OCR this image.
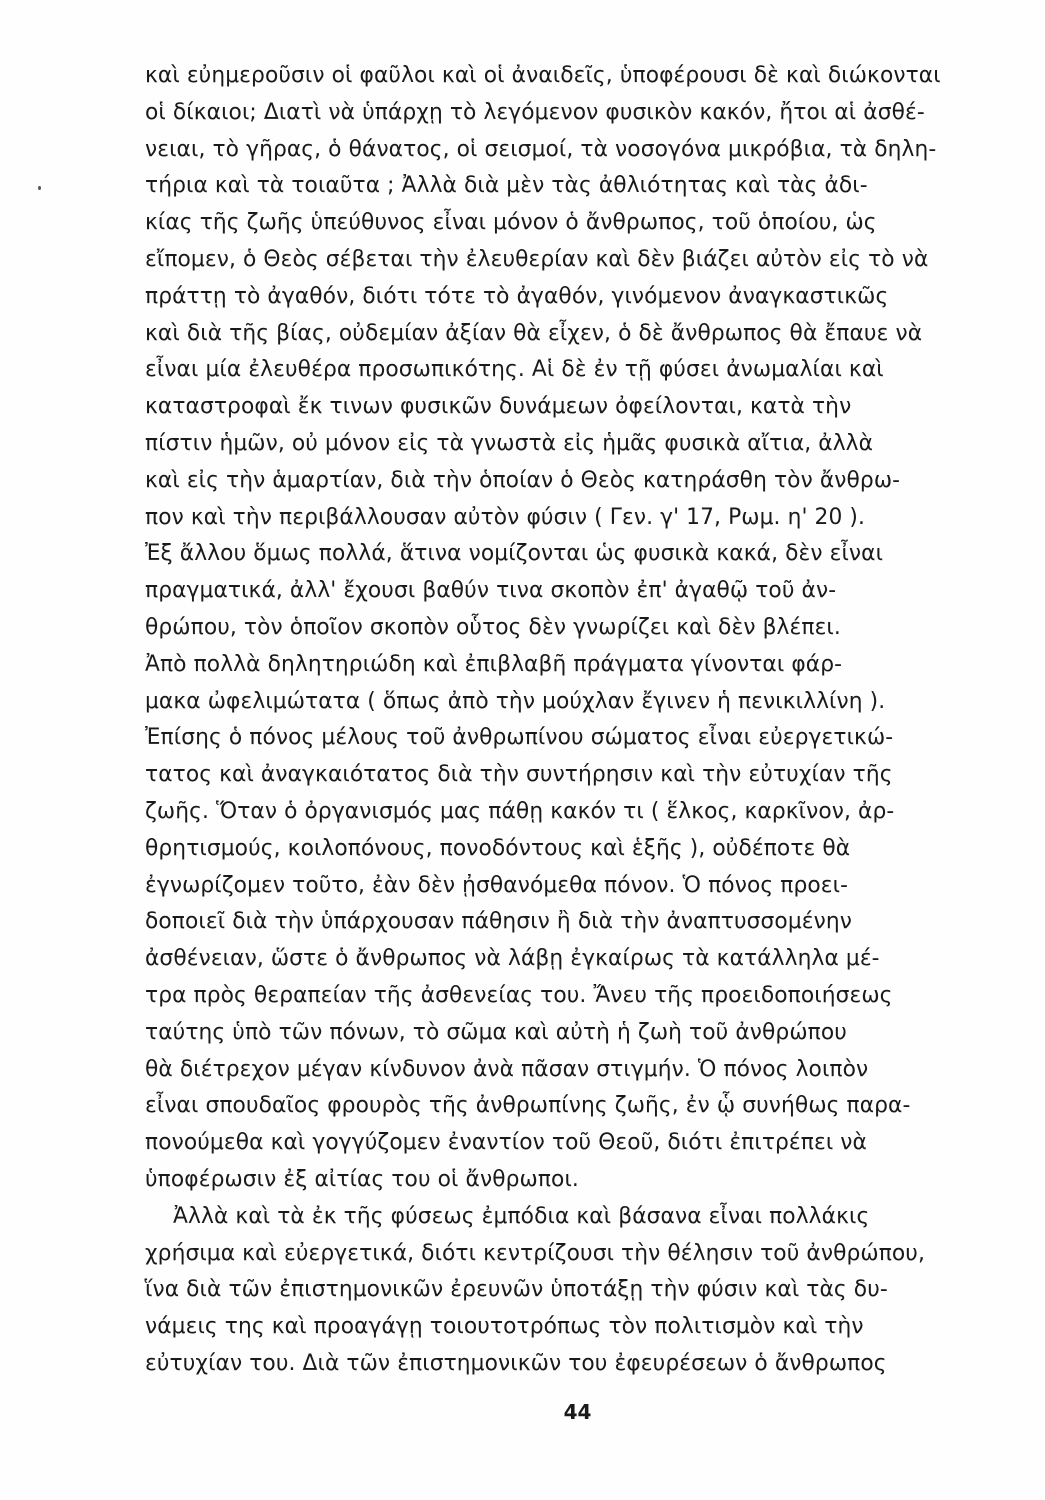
καὶ εὐημεροῦσιν οἱ φαῦλοι καὶ οἱ ἀναιδεῖς, ὑποφέρουσι δὲ καὶ διώκονται
οἱ δίκαιοι; Διατὶ νὰ ὑπάρχῃ τὸ λεγόμενον φυσικὸν κακόν, ἤτοι αἱ ἀσθέ-
νειαι, τὸ γῆρας, ὁ θάνατος, οἱ σεισμοί, τὰ νοσογόνα μικρόβια, τὰ δηλη-
τήρια καὶ τὰ τοιαῦτα ; Ἀλλὰ διὰ μὲν τὰς ἀθλιότητας καὶ τὰς ἀδι-
κίας τῆς ζωῆς ὑπεύθυνος εἶναι μόνον ὁ ἄνθρωπος, τοῦ ὁποίου, ὡς
εἴπομεν, ὁ Θεὸς σέβεται τὴν ἐλευθερίαν καὶ δὲν βιάζει αὐτὸν εἰς τὸ νὰ
πράττῃ τὸ ἀγαθόν, διότι τότε τὸ ἀγαθόν, γινόμενον ἀναγκαστικῶς
καὶ διὰ τῆς βίας, οὐδεμίαν ἀξίαν θὰ εἶχεν, ὁ δὲ ἄνθρωπος θὰ ἔπαυε νὰ
εἶναι μία ἐλευθέρα προσωπικότης. Αἱ δὲ ἐν τῇ φύσει ἀνωμαλίαι καὶ
καταστροφαὶ ἔκ τινων φυσικῶν δυνάμεων ὀφείλονται, κατὰ τὴν
πίστιν ἡμῶν, οὐ μόνον εἰς τὰ γνωστὰ εἰς ἡμᾶς φυσικὰ αἴτια, ἀλλὰ
καὶ εἰς τὴν ἁμαρτίαν, διὰ τὴν ὁποίαν ὁ Θεὸς κατηράσθη τὸν ἄνθρω-
πον καὶ τὴν περιβάλλουσαν αὐτὸν φύσιν ( Γεν. γ' 17, Ρωμ. η' 20 ).
Ἐξ ἄλλου ὅμως πολλά, ἅτινα νομίζονται ὡς φυσικὰ κακά, δὲν εἶναι
πραγματικά, ἀλλ' ἔχουσι βαθύν τινα σκοπὸν ἐπ' ἀγαθῷ τοῦ ἀν-
θρώπου, τὸν ὁποῖον σκοπὸν οὗτος δὲν γνωρίζει καὶ δὲν βλέπει.
Ἀπὸ πολλὰ δηλητηριώδη καὶ ἐπιβλαβῆ πράγματα γίνονται φάρ-
μακα ὠφελιμώτατα ( ὅπως ἀπὸ τὴν μούχλαν ἔγινεν ἡ πενικιλλίνη ).
Ἐπίσης ὁ πόνος μέλους τοῦ ἀνθρωπίνου σώματος εἶναι εὐεργετικώ-
τατος καὶ ἀναγκαιότατος διὰ τὴν συντήρησιν καὶ τὴν εὐτυχίαν τῆς
ζωῆς. Ὅταν ὁ ὀργανισμός μας πάθῃ κακόν τι ( ἕλκος, καρκῖνον, ἀρ-
θρητισμούς, κοιλοπόνους, πονοδόντους καὶ ἑξῆς ), οὐδέποτε θὰ
ἐγνωρίζομεν τοῦτο, ἐὰν δὲν ᾐσθανόμεθα πόνον. Ὁ πόνος προει-
δοποιεῖ διὰ τὴν ὑπάρχουσαν πάθησιν ἢ διὰ τὴν ἀναπτυσσομένην
ἀσθένειαν, ὥστε ὁ ἄνθρωπος νὰ λάβῃ ἐγκαίρως τὰ κατάλληλα μέ-
τρα πρὸς θεραπείαν τῆς ἀσθενείας του. Ἄνευ τῆς προειδοποιήσεως
ταύτης ὑπὸ τῶν πόνων, τὸ σῶμα καὶ αὐτὴ ἡ ζωὴ τοῦ ἀνθρώπου
θὰ διέτρεχον μέγαν κίνδυνον ἀνὰ πᾶσαν στιγμήν. Ὁ πόνος λοιπὸν
εἶναι σπουδαῖος φρουρὸς τῆς ἀνθρωπίνης ζωῆς, ἐν ᾧ συνήθως παρα-
πονούμεθα καὶ γογγύζομεν ἐναντίον τοῦ Θεοῦ, διότι ἐπιτρέπει νὰ
ὑποφέρωσιν ἐξ αἰτίας του οἱ ἄνθρωποι.
Ἀλλὰ καὶ τὰ ἐκ τῆς φύσεως ἐμπόδια καὶ βάσανα εἶναι πολλάκις
χρήσιμα καὶ εὐεργετικά, διότι κεντρίζουσι τὴν θέλησιν τοῦ ἀνθρώπου,
ἵνα διὰ τῶν ἐπιστημονικῶν ἐρευνῶν ὑποτάξῃ τὴν φύσιν καὶ τὰς δυ-
νάμεις της καὶ προαγάγῃ τοιουτοτρόπως τὸν πολιτισμὸν καὶ τὴν
εὐτυχίαν του. Διὰ τῶν ἐπιστημονικῶν του ἐφευρέσεων ὁ ἄνθρωπος
44
